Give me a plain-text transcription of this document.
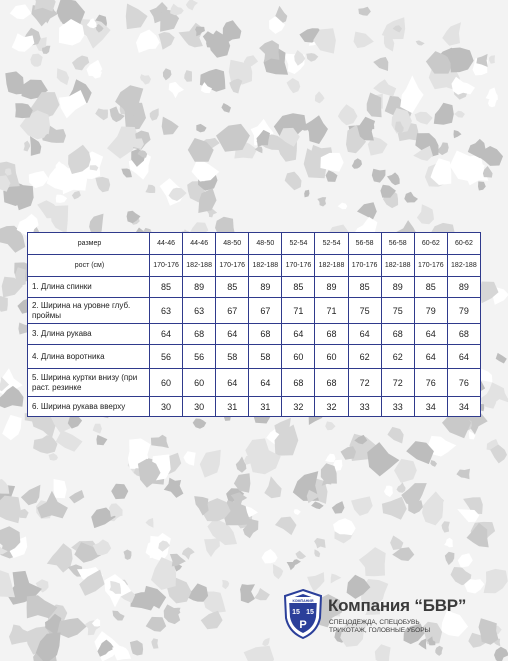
размер	44-46	44-46	48-50	48-50	52-54	52-54	56-58	56-58	60-62	60-62
рост (см)	170-176	182-188	170-176	182-188	170-176	182-188	170-176	182-188	170-176	182-188
1. Длина спинки	85	89	85	89	85	89	85	89	85	89
2. Ширина на уровне глуб. проймы	63	63	67	67	71	71	75	75	79	79
3. Длина рукава	64	68	64	68	64	68	64	68	64	68
4. Длина воротника	56	56	58	58	60	60	62	62	64	64
5. Ширина куртки внизу (при раст. резинке	60	60	64	64	68	68	72	72	76	76
6. Ширина рукава вверху	30	30	31	31	32	32	33	33	34	34
КОМПАНИЯ
15 15
Р
Компания “БВР”
СПЕЦОДЕЖДА, СПЕЦОБУВЬ
ТРИКОТАЖ, ГОЛОВНЫЕ УБОРЫ
